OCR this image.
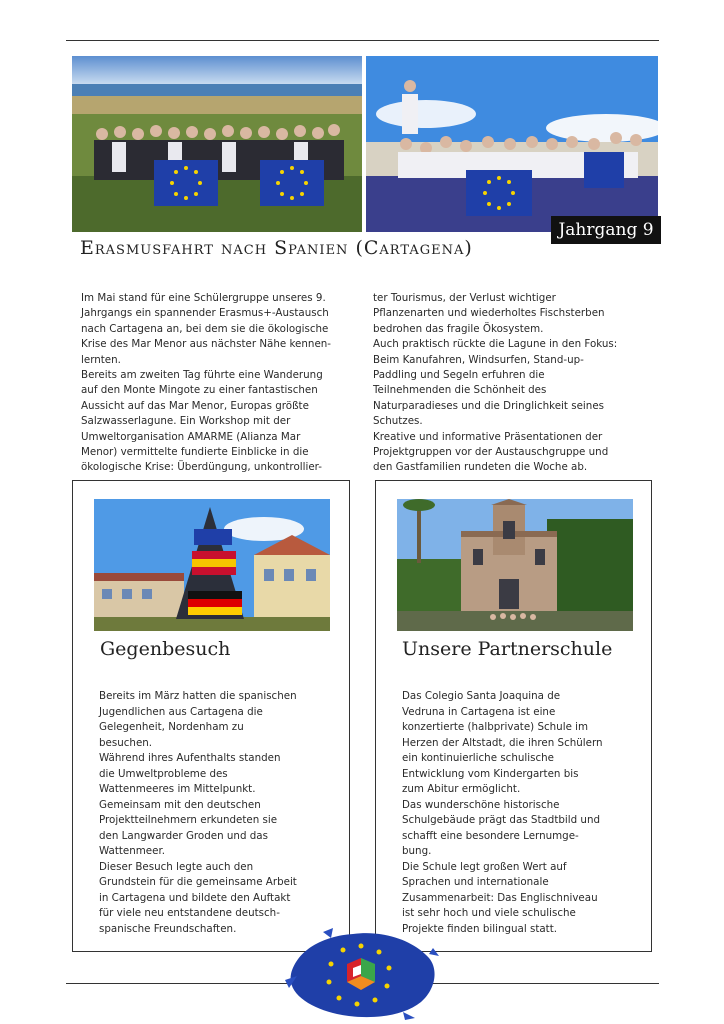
Jahrgang 9
Erasmusfahrt nach Spanien (Cartagena)

Im Mai stand für eine Schülergruppe unseres 9.

Jahrgangs ein spannender Erasmus+-Austausch

nach Cartagena an, bei dem sie die ökologische

Krise des Mar Menor aus nächster Nähe kennen-

lernten.

Bereits am zweiten Tag führte eine Wanderung

auf den Monte Mingote zu einer fantastischen

Aussicht auf das Mar Menor, Europas größte

Salzwasserlagune. Ein Workshop mit der

Umweltorganisation AMARME (Alianza Mar

Menor) vermittelte fundierte Einblicke in die

ökologische Krise: Überdüngung, unkontrollier-

ter Tourismus, der Verlust wichtiger

Pflanzenarten und wiederholtes Fischsterben

bedrohen das fragile Ökosystem.

Auch praktisch rückte die Lagune in den Fokus:

Beim Kanufahren, Windsurfen, Stand-up-

Paddling und Segeln erfuhren die

Teilnehmenden die Schönheit des

Naturparadieses und die Dringlichkeit seines

Schutzes.

Kreative und informative Präsentationen der

Projektgruppen vor der Austauschgruppe und

den Gastfamilien rundeten die Woche ab.

Gegenbesuch

Bereits im März hatten die spanischen

Jugendlichen aus Cartagena die

Gelegenheit, Nordenham zu

besuchen.

Während ihres Aufenthalts standen

die Umweltprobleme des

Wattenmeeres im Mittelpunkt.

Gemeinsam mit den deutschen

Projektteilnehmern erkundeten sie

den Langwarder Groden und das

Wattenmeer.

Dieser Besuch legte auch den

Grundstein für die gemeinsame Arbeit

in Cartagena und bildete den Auftakt

für viele neu entstandene deutsch-

spanische Freundschaften.

Unsere Partnerschule

Das Colegio Santa Joaquina de

Vedruna in Cartagena ist eine

konzertierte (halbprivate) Schule im

Herzen der Altstadt, die ihren Schülern

ein kontinuierliche schulische

Entwicklung vom Kindergarten bis

zum Abitur ermöglicht.

Das wunderschöne historische

Schulgebäude prägt das Stadtbild und

schafft eine besondere Lernumge-

bung.

Die Schule legt großen Wert auf

Sprachen und internationale

Zusammenarbeit: Das Englischniveau

ist sehr hoch und viele schulische

Projekte finden bilingual statt.
